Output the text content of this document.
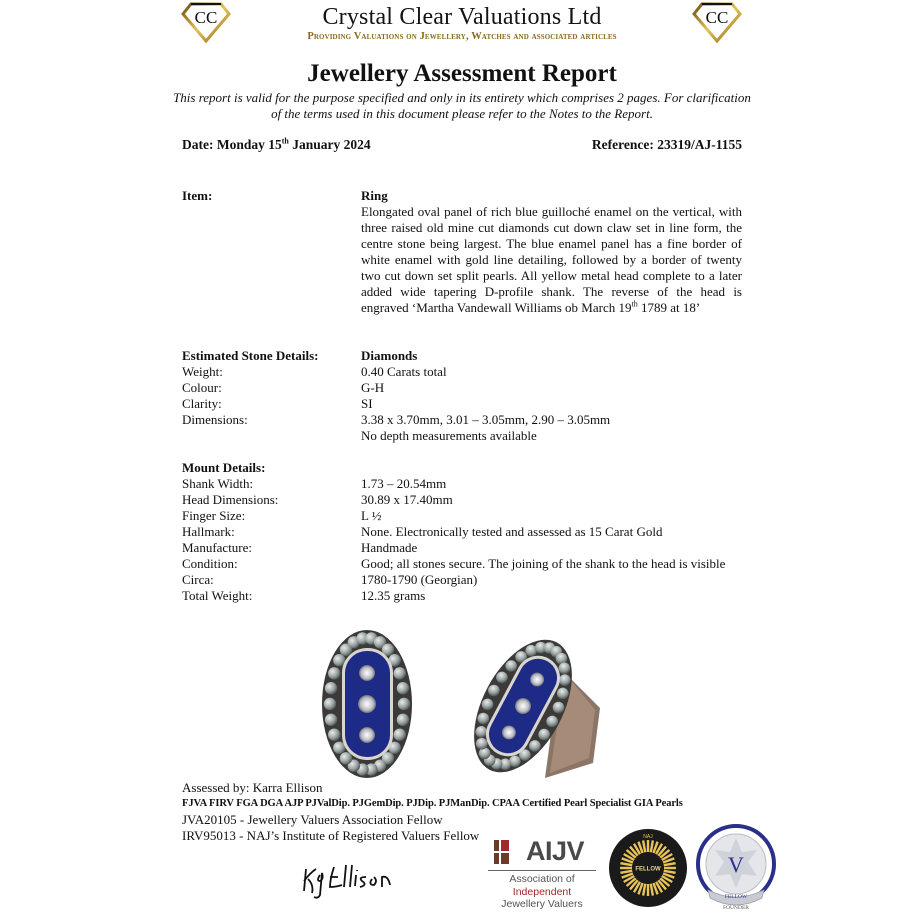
CC	CC
Crystal Clear Valuations Ltd
Providing Valuations on Jewellery, Watches and associated articles
Jewellery Assessment Report
This report is valid for the purpose specified and only in its entirety which comprises 2 pages. For clarification of the terms used in this document please refer to the Notes to the Report.
Date: Monday 15th January 2024	Reference: 23319/AJ-1155
Item:	Ring
Elongated oval panel of rich blue guilloché enamel on the vertical, with three raised old mine cut diamonds cut down claw set in line form, the centre stone being largest. The blue enamel panel has a fine border of white enamel with gold line detailing, followed by a border of twenty two cut down set split pearls. All yellow metal head complete to a later added wide tapering D-profile shank. The reverse of the head is engraved ‘Martha Vandewall Williams ob March 19th 1789 at 18’
Estimated Stone Details:	Diamonds
Weight:	0.40 Carats total
Colour:	G-H
Clarity:	SI
Dimensions:	3.38 x 3.70mm, 3.01 – 3.05mm, 2.90 – 3.05mm
No depth measurements available
Mount Details:
Shank Width:	1.73 – 20.54mm
Head Dimensions:	30.89 x 17.40mm
Finger Size:	L ½
Hallmark:	None. Electronically tested and assessed as 15 Carat Gold
Manufacture:	Handmade
Condition:	Good; all stones secure. The joining of the shank to the head is visible
Circa:	1780-1790 (Georgian)
Total Weight:	12.35 grams
Assessed by: Karra Ellison
FJVA FIRV FGA DGA AJP PJValDip. PJGemDip. PJDip. PJManDip. CPAA Certified Pearl Specialist GIA Pearls
JVA20105 - Jewellery Valuers Association Fellow
IRV95013 - NAJ’s Institute of Registered Valuers Fellow
AIJV
Association of
Independent
Jewellery Valuers
FELLOW
NAJ
V
FELLOW
FOUNDER
